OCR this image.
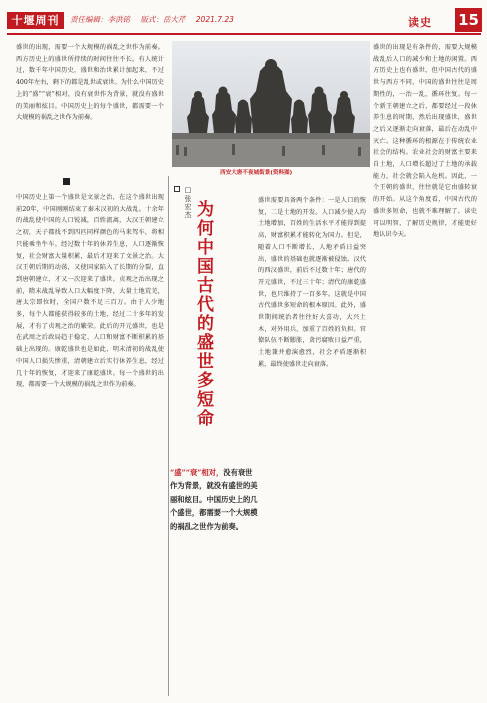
十堰周刊	责任编辑：李洪铭 版式：岳大芹 2021.7.23	读史 15
盛世的出现，需要一个大规模的祸乱之世作为前奏。西方历史上的盛世所持续的时间往往不长。有人统计过，数千年中国历史，盛世和治世累计加起来，不过400年左右，剩下的都是乱世或衰世。为什么中国历史上的“盛”“衰”相对，没有衰世作为背景，就没有盛世的美丽和炫目。中国历史上的每个盛世，都需要一个大规模的祸乱之世作为前奏。
中国历史上第一个盛世是文景之治，在这个盛世出现前20年，中国刚刚结束了秦末汉初的大战乱。十余年的战乱使中国的人口锐减，百姓流离，大汉王朝建立之初，天子都找不到四匹同样颜色的马来驾车，将相只能乘坐牛车。经过数十年的休养生息，人口逐渐恢复，社会财富大量积累，最后才迎来了文景之治。大汉王朝后期的动荡，又使国家陷入了长期的分裂，直到唐朝建立，才又一次迎来了盛世。贞观之治出现之前，隋末战乱导致人口大幅度下降，大量土地荒芜，唐太宗即位时，全国户数不足三百万。由于人少地多，每个人都能获得较多的土地，经过二十多年的发展，才有了贞观之治的繁荣。此后的开元盛世，也是在武周之后政局趋于稳定、人口和财富不断积累的基础上出现的。康乾盛世也是如此，明末清初的战乱使中国人口损失惨重，清朝建立后实行休养生息，经过几十年的恢复，才迎来了康乾盛世。每一个盛世的出现，都需要一个大规模的祸乱之世作为前奏。
西安大唐不夜城街景(资料图)
□张宏杰 为何中国古代的盛世多短命
“盛”“衰”相对，没有衰世作为背景，就没有盛世的美丽和炫目。中国历史上的几个盛世，都需要一个大规模的祸乱之世作为前奏。
盛世需要具备两个条件：一是人口的恢复，二是土地的开发。人口减少使人均土地增加，百姓的生活水平才能得到提高，财富积累才能转化为国力。但是，随着人口不断增长，人地矛盾日益突出，盛世的基础也就逐渐被侵蚀。汉代的西汉盛世，前后不过数十年；唐代的开元盛世，不过三十年；清代的康乾盛世，也只维持了一百多年。这就是中国古代盛世多短命的根本原因。此外，盛世期间统治者往往好大喜功，大兴土木，对外用兵，加重了百姓的负担。官僚队伍不断膨胀，贪污腐败日益严重，土地兼并愈演愈烈，社会矛盾逐渐积累，最终使盛世走向衰落。
盛世的出现是有条件的，需要大规模战乱后人口的减少和土地的闲置。西方历史上也有盛世，但中国古代的盛世与西方不同，中国的盛世往往是周期性的，一治一乱，循环往复。每一个新王朝建立之后，都要经过一段休养生息的时期，然后出现盛世，盛世之后又逐渐走向衰落，最后在动乱中灭亡。这种循环的根源在于传统农业社会的结构。农业社会的财富主要来自土地，人口增长超过了土地的承载能力，社会就会陷入危机。因此，一个王朝的盛世，往往就是它由盛转衰的开始。从这个角度看，中国古代的盛世多短命，也就不难理解了。读史可以明智，了解历史规律，才能更好地认识今天。
